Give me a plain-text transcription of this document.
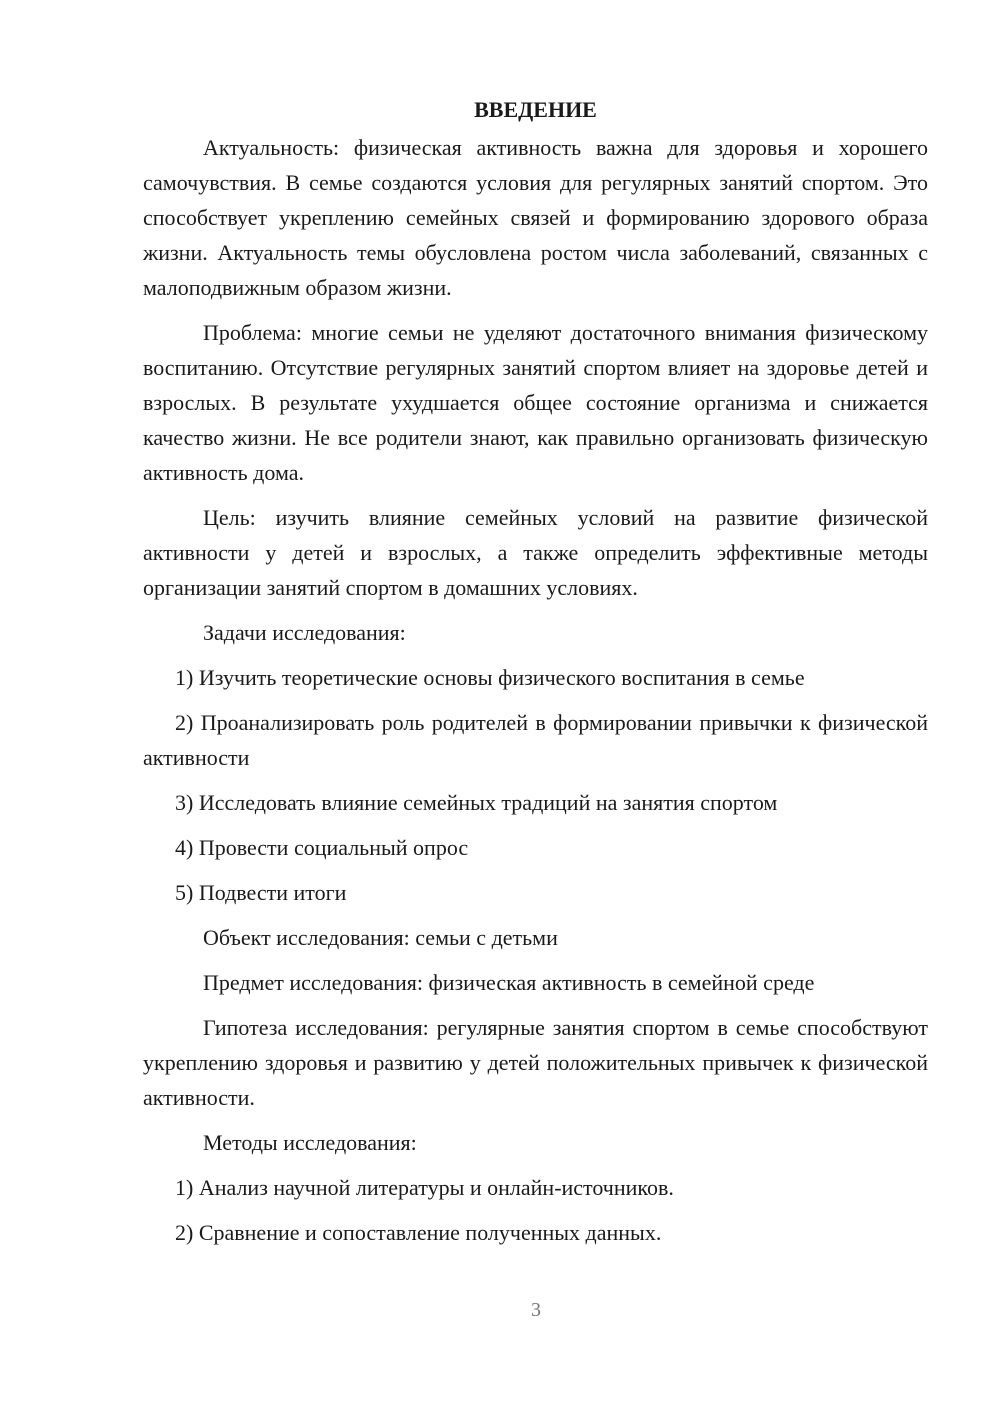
ВВЕДЕНИЕ

Актуальность: физическая активность важна для здоровья и хорошего самочувствия. В семье создаются условия для регулярных занятий спортом. Это способствует укреплению семейных связей и формированию здорового образа жизни. Актуальность темы обусловлена ростом числа заболеваний, связанных с малоподвижным образом жизни.

Проблема: многие семьи не уделяют достаточного внимания физическому воспитанию. Отсутствие регулярных занятий спортом влияет на здоровье детей и взрослых. В результате ухудшается общее состояние организма и снижается качество жизни. Не все родители знают, как правильно организовать физическую активность дома.

Цель: изучить влияние семейных условий на развитие физической активности у детей и взрослых, а также определить эффективные методы организации занятий спортом в домашних условиях.

Задачи исследования:

1) Изучить теоретические основы физического воспитания в семье

2) Проанализировать роль родителей в формировании привычки к физической активности

3) Исследовать влияние семейных традиций на занятия спортом

4) Провести социальный опрос

5) Подвести итоги

Объект исследования: семьи с детьми

Предмет исследования: физическая активность в семейной среде

Гипотеза исследования: регулярные занятия спортом в семье способствуют укреплению здоровья и развитию у детей положительных привычек к физической активности.

Методы исследования:

1) Анализ научной литературы и онлайн-источников.

2) Сравнение и сопоставление полученных данных.

3
